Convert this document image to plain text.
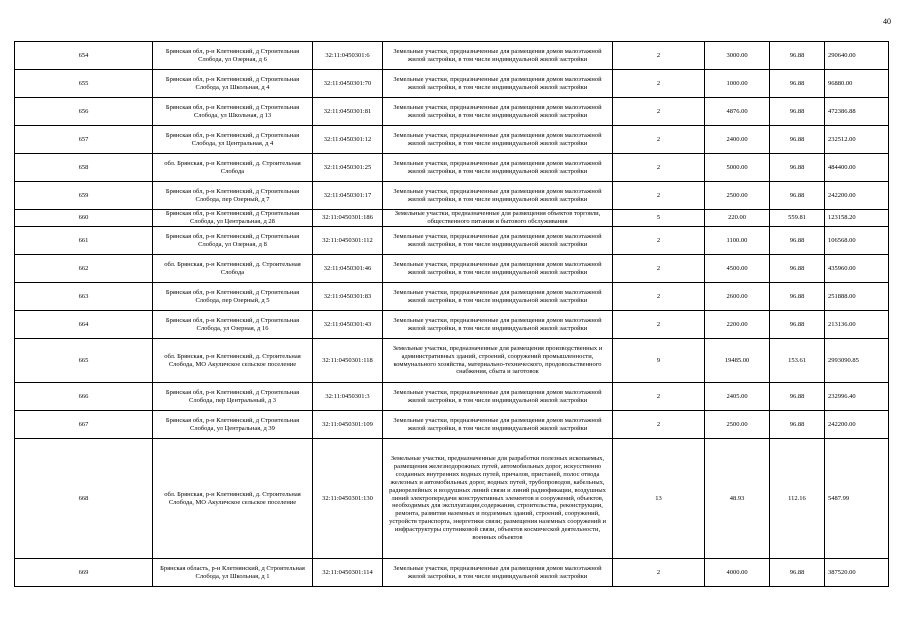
40
654	Брянская обл, р-н Клетнянский, д Строительная Слобода, ул Озерная, д 6	32:11:0450301:6	Земельные участки, предназначенные для размещения домов малоэтажной жилой застройки, в том числе индивидуальной жилой застройки	2	3000.00	96.88	290640.00
655	Брянская обл, р-н Клетнянский, д Строительная Слобода, ул Школьная, д 4	32:11:0450301:70	Земельные участки, предназначенные для размещения домов малоэтажной жилой застройки, в том числе индивидуальной жилой застройки	2	1000.00	96.88	96880.00
656	Брянская обл, р-н Клетнянский, д Строительная Слобода, ул Школьная, д 13	32:11:0450301:81	Земельные участки, предназначенные для размещения домов малоэтажной жилой застройки, в том числе индивидуальной жилой застройки	2	4876.00	96.88	472386.88
657	Брянская обл, р-н Клетнянский, д Строительная Слобода, ул Центральная, д 4	32:11:0450301:12	Земельные участки, предназначенные для размещения домов малоэтажной жилой застройки, в том числе индивидуальной жилой застройки	2	2400.00	96.88	232512.00
658	обл. Брянская, р-н Клетнянский, д. Строительная Слобода	32:11:0450301:25	Земельные участки, предназначенные для размещения домов малоэтажной жилой застройки, в том числе индивидуальной жилой застройки	2	5000.00	96.88	484400.00
659	Брянская обл, р-н Клетнянский, д Строительная Слобода, пер Озерный, д 7	32:11:0450301:17	Земельные участки, предназначенные для размещения домов малоэтажной жилой застройки, в том числе индивидуальной жилой застройки	2	2500.00	96.88	242200.00
660	Брянская обл, р-н Клетнянский, д Строительная Слобода, ул Центральная, д 28	32:11:0450301:186	Земельные участки, предназначенные для размещения объектов торговли, общественного питания и бытового обслуживания	5	220.00	559.81	123158.20
661	Брянская обл, р-н Клетнянский, д Строительная Слобода, ул Озерная, д 8	32:11:0450301:112	Земельные участки, предназначенные для размещения домов малоэтажной жилой застройки, в том числе индивидуальной жилой застройки	2	1100.00	96.88	106568.00
662	обл. Брянская, р-н Клетнянский, д. Строительная Слобода	32:11:0450301:46	Земельные участки, предназначенные для размещения домов малоэтажной жилой застройки, в том числе индивидуальной жилой застройки	2	4500.00	96.88	435960.00
663	Брянская обл, р-н Клетнянский, д Строительная Слобода, пер Озерный, д 5	32:11:0450301:83	Земельные участки, предназначенные для размещения домов малоэтажной жилой застройки, в том числе индивидуальной жилой застройки	2	2600.00	96.88	251888.00
664	Брянская обл, р-н Клетнянский, д Строительная Слобода, ул Озерная, д 16	32:11:0450301:43	Земельные участки, предназначенные для размещения домов малоэтажной жилой застройки, в том числе индивидуальной жилой застройки	2	2200.00	96.88	213136.00
665	обл. Брянская, р-н Клетнянский, д. Строительная Слобода, МО Акуличское сельское поселение	32:11:0450301:118	Земельные участки, предназначенные для размещения производственных и административных зданий, строений, сооружений промышленности, коммунального хозяйства, материально-технического, продовольственного снабжения, сбыта и заготовок	9	19485.00	153.61	2993090.85
666	Брянская обл, р-н Клетнянский, д Строительная Слобода, пер Центральный, д 3	32:11:0450301:3	Земельные участки, предназначенные для размещения домов малоэтажной жилой застройки, в том числе индивидуальной жилой застройки	2	2405.00	96.88	232996.40
667	Брянская обл, р-н Клетнянский, д Строительная Слобода, ул Центральная, д 39	32:11:0450301:109	Земельные участки, предназначенные для размещения домов малоэтажной жилой застройки, в том числе индивидуальной жилой застройки	2	2500.00	96.88	242200.00
668	обл. Брянская, р-н Клетнянский, д. Строительная Слобода, МО Акуличское сельское поселение	32:11:0450301:130	Земельные участки, предназначенные для разработки полезных ископаемых, размещения железнодорожных путей, автомобильных дорог, искусственно созданных внутренних водных путей, причалов, пристаней, полос отвода железных и автомобильных дорог, водных путей, трубопроводов, кабельных, радиорелейных и воздушных линий связи и линий радиофикации, воздушных линий электропередачи конструктивных элементов и сооружений, объектов, необходимых для эксплуатации,содержания, строительства, реконструкции, ремонта, развития наземных и подземных зданий, строений, сооружений, устройств транспорта, энергетики связи; размещения наземных сооружений и инфраструктуры спутниковой связи, объектов космической деятельности, военных объектов	13	48.93	112.16	5487.99
669	Брянская область, р-н Клетнянский, д Строительная Слобода, ул Школьная, д 1	32:11:0450301:114	Земельные участки, предназначенные для размещения домов малоэтажной жилой застройки, в том числе индивидуальной жилой застройки	2	4000.00	96.88	387520.00
